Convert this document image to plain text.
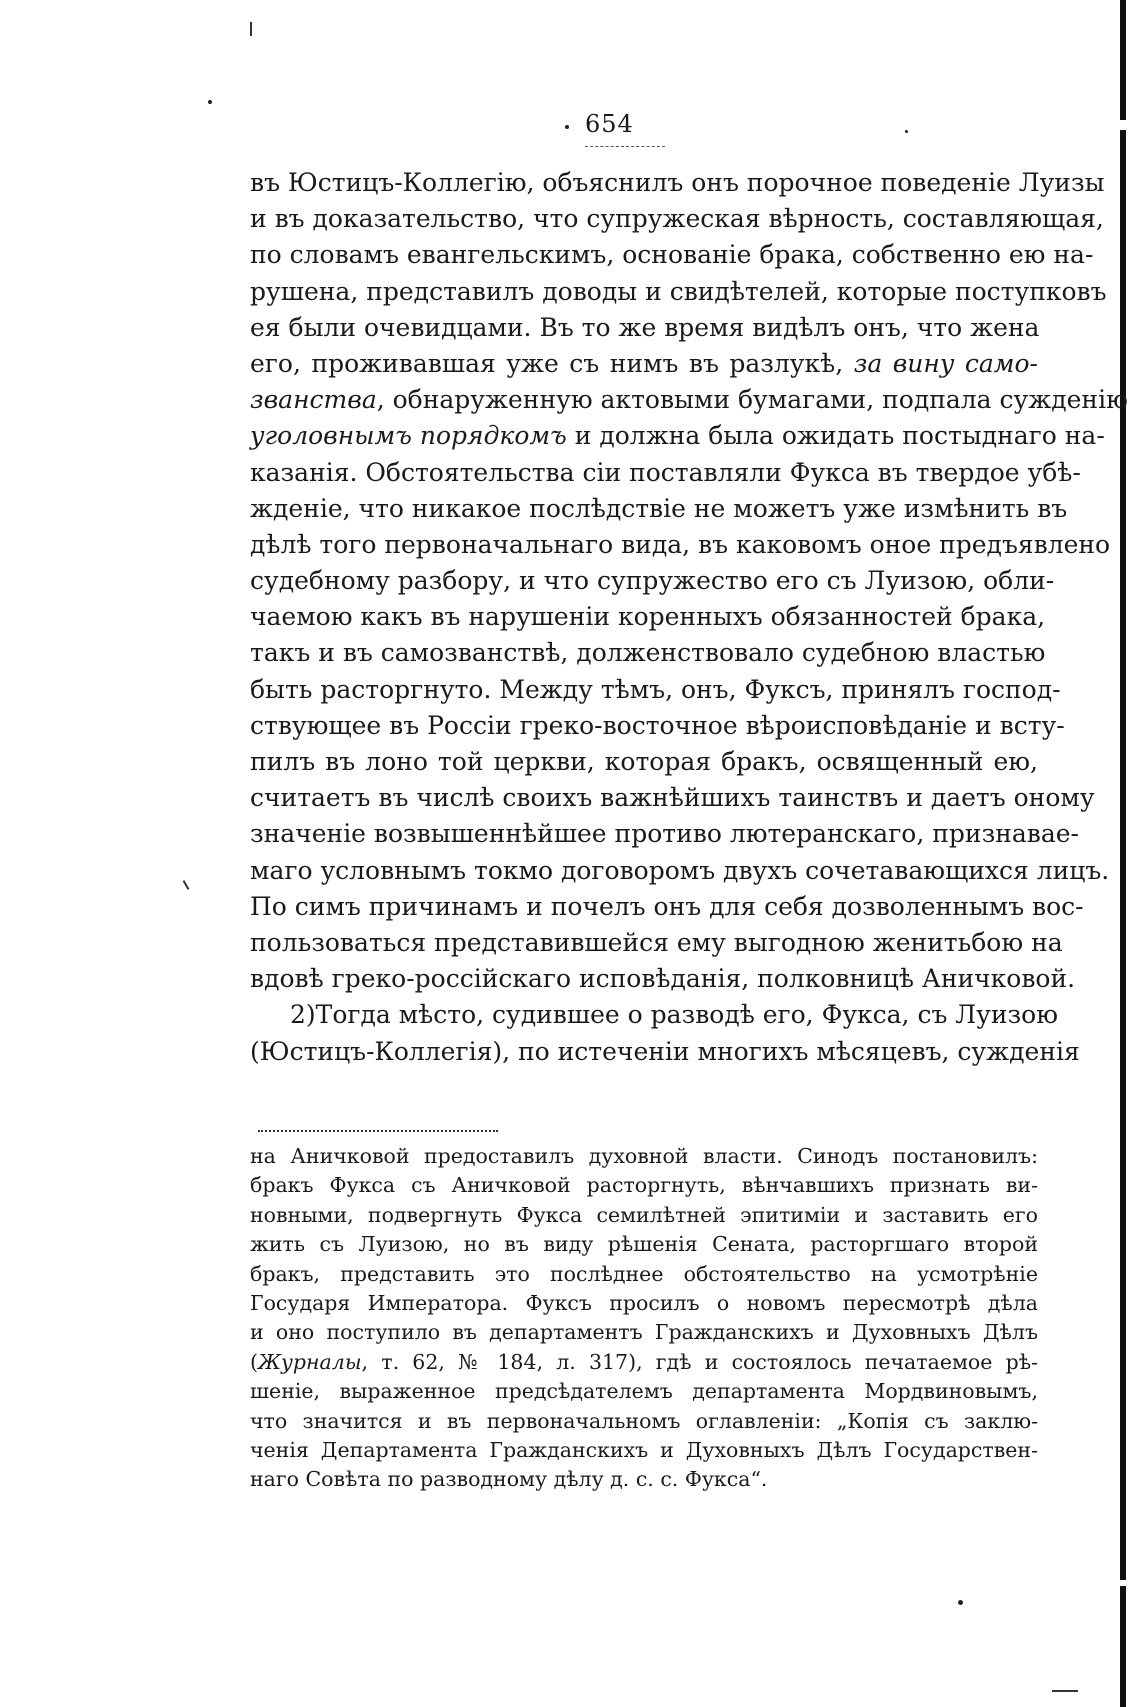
654
въ Юстицъ-Коллегію, объяснилъ онъ порочное поведеніе Луизы
и въ доказательство, что супружеская вѣрность, составляющая,
по словамъ евангельскимъ, основаніе брака, собственно ею на-
рушена, представилъ доводы и свидѣтелей, которые поступковъ
ея были очевидцами. Въ то же время видѣлъ онъ, что жена
его, проживавшая уже съ нимъ въ разлукѣ, за вину само-
званства, обнаруженную актовыми бумагами, подпала сужденію
уголовнымъ порядкомъ и должна была ожидать постыднаго на-
казанія. Обстоятельства сіи поставляли Фукса въ твердое убѣ-
жденіе, что никакое послѣдствіе не можетъ уже измѣнить въ
дѣлѣ того первоначальнаго вида, въ каковомъ оное предъявлено
судебному разбору, и что супружество его съ Луизою, обли-
чаемою какъ въ нарушеніи коренныхъ обязанностей брака,
такъ и въ самозванствѣ, долженствовало судебною властью
быть расторгнуто. Между тѣмъ, онъ, Фуксъ, принялъ господ-
ствующее въ Россіи греко-восточное вѣроисповѣданіе и всту-
пилъ въ лоно той церкви, которая бракъ, освященный ею,
считаетъ въ числѣ своихъ важнѣйшихъ таинствъ и даетъ оному
значеніе возвышеннѣйшее противо лютеранскаго, признавае-
маго условнымъ токмо договоромъ двухъ сочетавающихся лицъ.
По симъ причинамъ и почелъ онъ для себя дозволеннымъ вос-
пользоваться представившейся ему выгодною женитьбою на
вдовѣ греко-россійскаго исповѣданія, полковницѣ Аничковой.
2)Тогда мѣсто, судившее о разводѣ его, Фукса, съ Луизою
(Юстицъ-Коллегія), по истеченіи многихъ мѣсяцевъ, сужденія
на Аничковой предоставилъ духовной власти. Синодъ постановилъ:
бракъ Фукса съ Аничковой расторгнуть, вѣнчавшихъ признать ви-
новными, подвергнуть Фукса семилѣтней эпитиміи и заставить его
жить съ Луизою, но въ виду рѣшенія Сената, расторгшаго второй
бракъ, представить это послѣднее обстоятельство на усмотрѣніе
Государя Императора. Фуксъ просилъ о новомъ пересмотрѣ дѣла
и оно поступило въ департаментъ Гражданскихъ и Духовныхъ Дѣлъ
(Журналы, т. 62, № 184, л. 317), гдѣ и состоялось печатаемое рѣ-
шеніе, выраженное предсѣдателемъ департамента Мордвиновымъ,
что значится и въ первоначальномъ оглавленіи: „Копія съ заклю-
ченія Департамента Гражданскихъ и Духовныхъ Дѣлъ Государствен-
наго Совѣта по разводному дѣлу д. с. с. Фукса“.
